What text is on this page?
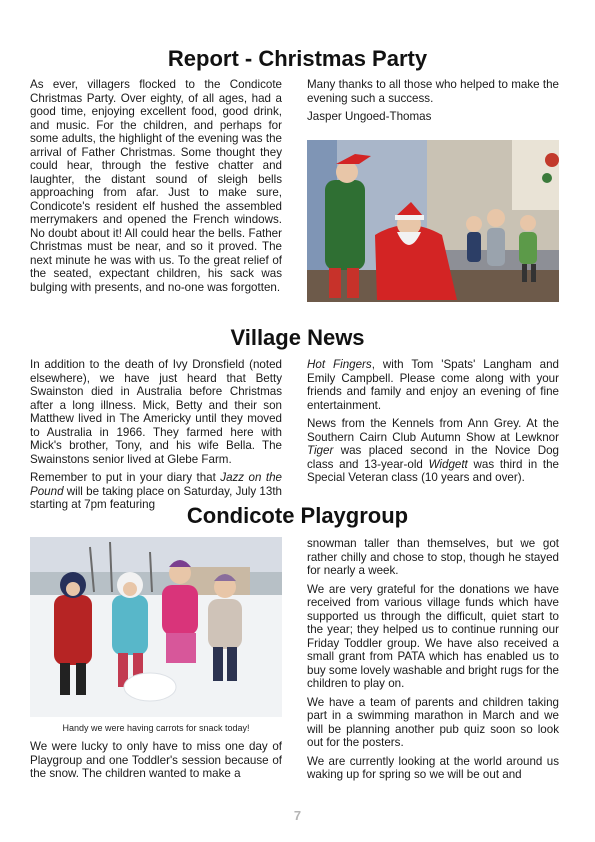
Report - Christmas Party

As ever, villagers flocked to the Condicote Christmas Party. Over eighty, of all ages, had a good time, enjoying excellent food, good drink, and music. For the children, and perhaps for some adults, the highlight of the evening was the arrival of Father Christmas. Some thought they could hear, through the festive chatter and laughter, the distant sound of sleigh bells approaching from afar. Just to make sure, Condicote's resident elf hushed the assembled merrymakers and opened the French windows. No doubt about it! All could hear the bells. Father Christmas must be near, and so it proved. The next minute he was with us. To the great relief of the seated, expectant children, his sack was bulging with presents, and no-one was forgotten.

Many thanks to all those who helped to make the evening such a success.

Jasper Ungoed-Thomas

Village News

In addition to the death of Ivy Dronsfield (noted elsewhere), we have just heard that Betty Swainston died in Australia before Christmas after a long illness. Mick, Betty and their son Matthew lived in The Americky until they moved to Australia in 1966. They farmed here with Mick's brother, Tony, and his wife Bella. The Swainstons senior lived at Glebe Farm.

Remember to put in your diary that Jazz on the Pound will be taking place on Saturday, July 13th starting at 7pm featuring

Hot Fingers, with Tom 'Spats' Langham and Emily Campbell. Please come along with your friends and family and enjoy an evening of fine entertainment.

News from the Kennels from Ann Grey. At the Southern Cairn Club Autumn Show at Lewknor Tiger was placed second in the Novice Dog class and 13-year-old Widgett was third in the Special Veteran class (10 years and over).

Condicote Playgroup
Handy we were having carrots for snack today!

We were lucky to only have to miss one day of Playgroup and one Toddler's session because of the snow. The children wanted to make a

snowman taller than themselves, but we got rather chilly and chose to stop, though he stayed for nearly a week.

We are very grateful for the donations we have received from various village funds which have supported us through the difficult, quiet start to the year; they helped us to continue running our Friday Toddler group. We have also received a small grant from PATA which has enabled us to buy some lovely washable and bright rugs for the children to play on.

We have a team of parents and children taking part in a swimming marathon in March and we will be planning another pub quiz soon so look out for the posters.

We are currently looking at the world around us waking up for spring so we will be out and

7
